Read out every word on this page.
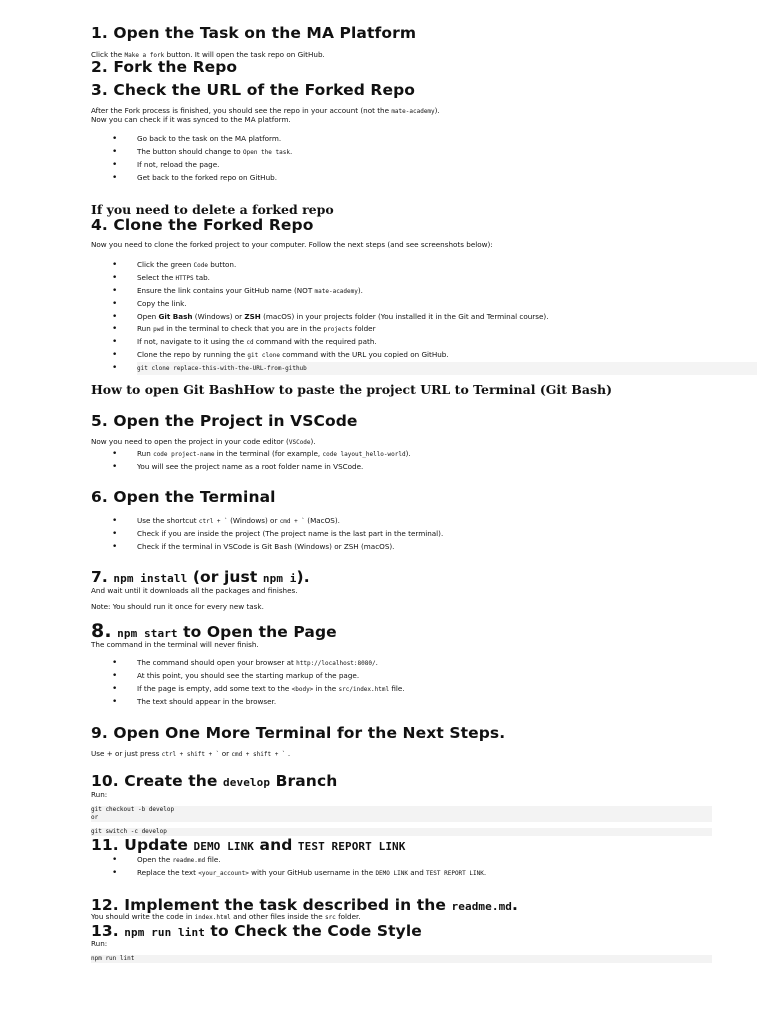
1. Open the Task on the MA Platform

Click the Make a fork button. It will open the task repo on GitHub.

2. Fork the Repo
3. Check the URL of the Forked Repo

After the Fork process is finished, you should see the repo in your account (not the mate-academy).

Now you can check if it was synced to the MA platform.

• Go back to the task on the MA platform.
• The button should change to Open the task.
• If not, reload the page.
• Get back to the forked repo on GitHub.

If you need to delete a forked repo

4. Clone the Forked Repo

Now you need to clone the forked project to your computer. Follow the next steps (and see screenshots below):

• Click the green Code button.
• Select the HTTPS tab.
• Ensure the link contains your GitHub name (NOT mate-academy).
• Copy the link.
• Open Git Bash (Windows) or ZSH (macOS) in your projects folder (You installed it in the Git and Terminal course).
• Run pwd in the terminal to check that you are in the projects folder
• If not, navigate to it using the cd command with the required path.
• Clone the repo by running the git clone command with the URL you copied on GitHub.
• git clone replace-this-with-the-URL-from-github

How to open Git BashHow to paste the project URL to Terminal (Git Bash)

5. Open the Project in VSCode

Now you need to open the project in your code editor (VSCode).

• Run code project-name in the terminal (for example, code layout_hello-world).
• You will see the project name as a root folder name in VSCode.
6. Open the Terminal
• Use the shortcut ctrl + ` (Windows) or cmd + ` (MacOS).
• Check if you are inside the project (The project name is the last part in the terminal).
• Check if the terminal in VSCode is Git Bash (Windows) or ZSH (macOS).
7. npm install (or just npm i).

And wait until it downloads all the packages and finishes.

Note: You should run it once for every new task.

8. npm start to Open the Page

The command in the terminal will never finish.

• The command should open your browser at http://localhost:8080/.
• At this point, you should see the starting markup of the page.
• If the page is empty, add some text to the <body> in the src/index.html file.
• The text should appear in the browser.
9. Open One More Terminal for the Next Steps.

Use + or just press ctrl + shift + ` or cmd + shift + ` .

10. Create the develop Branch

Run:

git checkout -b develop
or
git switch -c develop
11. Update DEMO LINK and TEST REPORT LINK
• Open the readme.md file.
• Replace the text <your_account> with your GitHub username in the DEMO LINK and TEST REPORT LINK.
12. Implement the task described in the readme.md.

You should write the code in index.html and other files inside the src folder.

13. npm run lint to Check the Code Style

Run:

npm run lint
